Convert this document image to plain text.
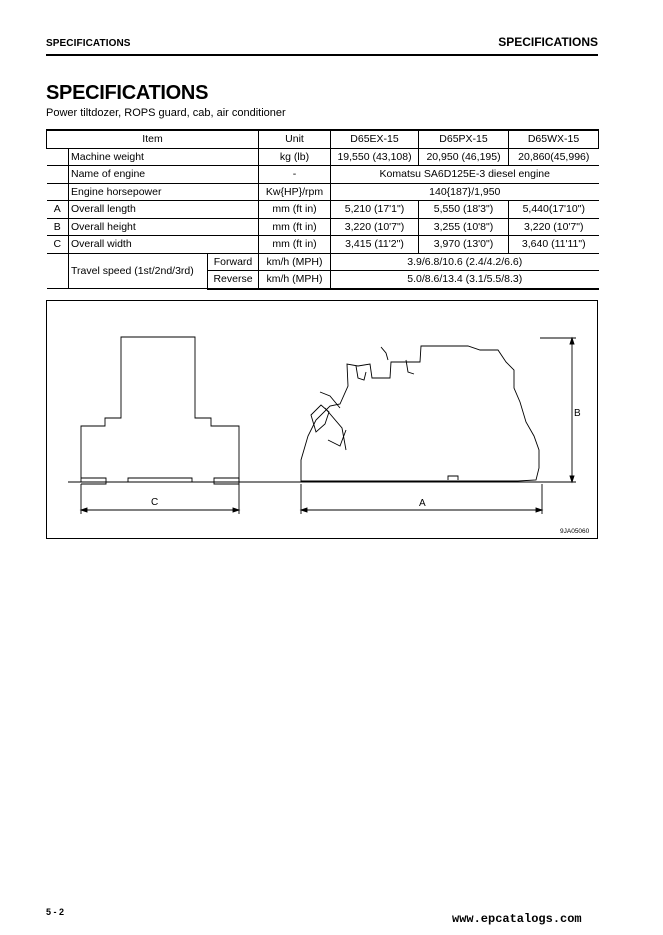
SPECIFICATIONS	SPECIFICATIONS
SPECIFICATIONS
Power tiltdozer, ROPS guard, cab, air conditioner
Item			Unit	D65EX-15	D65PX-15	D65WX-15
	Machine weight		kg (lb)	19,550 (43,108)	20,950 (46,195)	20,860(45,996)
	Name of engine		-	Komatsu SA6D125E-3 diesel engine		
	Engine horsepower		Kw{HP}/rpm	140{187}/1,950		
A	Overall length		mm (ft in)	5,210 (17'1")	5,550 (18'3")	5,440(17'10")
B	Overall height		mm (ft in)	3,220 (10'7")	3,255 (10'8")	3,220 (10'7")
C	Overall width		mm (ft in)	3,415 (11'2")	3,970 (13'0")	3,640 (11'11")
	Travel speed (1st/2nd/3rd)	Forward	km/h (MPH)	3.9/6.8/10.6 (2.4/4.2/6.6)		
		Reverse	km/h (MPH)	5.0/8.6/13.4 (3.1/5.5/8.3)		
C	A
B
9JA05060
5 - 2	www.epcatalogs.com
